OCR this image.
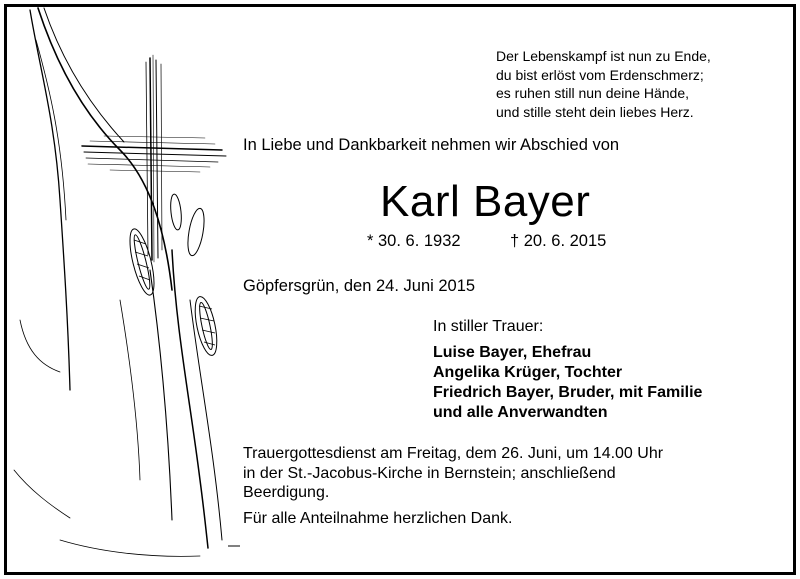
Der Lebenskampf ist nun zu Ende,
du bist erlöst vom Erdenschmerz;
es ruhen still nun deine Hände,
und stille steht dein liebes Herz.
In Liebe und Dankbarkeit nehmen wir Abschied von
Karl Bayer
* 30. 6. 1932	† 20. 6. 2015
Göpfersgrün, den 24. Juni 2015
In stiller Trauer:
Luise Bayer, Ehefrau
Angelika Krüger, Tochter
Friedrich Bayer, Bruder, mit Familie
und alle Anverwandten
Trauergottesdienst am Freitag, dem 26. Juni, um 14.00 Uhr
in der St.-Jacobus-Kirche in Bernstein; anschließend
Beerdigung.
Für alle Anteilnahme herzlichen Dank.
